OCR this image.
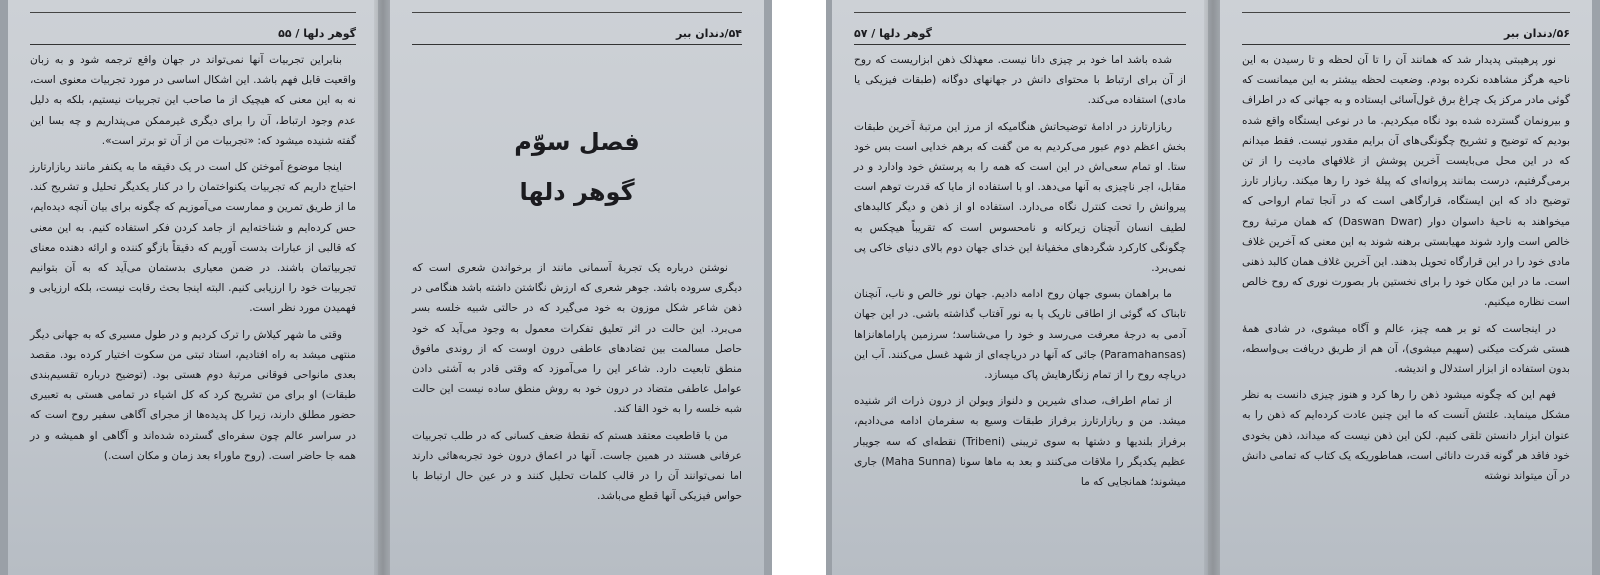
گوهر دلها / ۵۵

بنابراین تجربیات آنها نمی‌تواند در جهان واقع ترجمه شود و به زبان واقعیت قابل فهم باشد. این اشکال اساسی در مورد تجربیات معنوی است، نه به این معنی که هیچیک از ما صاحب این تجربیات نیستیم، بلکه به دلیل عدم وجود ارتباط، آن را برای دیگری غیرممکن می‌پنداریم و چه بسا این گفته شنیده میشود که: «تجربیات من از آن تو برتر است».

اینجا موضوع آموختن کل است در یک دقیقه ما به یکنفر مانند ربازارتارز احتیاج داریم که تجربیات یکنواختمان را در کنار یکدیگر تحلیل و تشریح کند. ما از طریق تمرین و ممارست می‌آموزیم که چگونه برای بیان آنچه دیده‌ایم، حس کرده‌ایم و شناخته‌ایم از جامد کردن فکر استفاده کنیم. به این معنی که قالبی از عبارات بدست آوریم که دقیقاً بازگو کننده و ارائه دهنده معنای تجربیاتمان باشند. در ضمن معیاری بدستمان می‌آید که به آن بتوانیم تجربیات خود را ارزیابی کنیم. البته اینجا بحث رقابت نیست، بلکه ارزیابی و فهمیدن مورد نظر است.

وقتی ما شهر کیلاش را ترک کردیم و در طول مسیری که به جهانی دیگر منتهی میشد به راه افتادیم، استاد تبتی من سکوت اختیار کرده بود. مقصد بعدی مانواحی فوقانی مرتبهٔ دوم هستی بود. (توضیح درباره تقسیم‌بندی طبقات) او برای من تشریح کرد که کل اشیاء در تمامی هستی به تعبیری حضور مطلق دارند، زیرا کل پدیده‌ها از مجرای آگاهی سفیر روح است که در سراسر عالم چون سفره‌ای گسترده شده‌اند و آگاهی او همیشه و در همه جا حاضر است. (روح ماوراء بعد زمان و مکان است.)

۵۴/دندان ببر
فصل سوّم
گوهر دلها

نوشتن درباره یک تجربهٔ آسمانی مانند از برخواندن شعری است که دیگری سروده باشد. جوهر شعری که ارزش نگاشتن داشته باشد هنگامی در ذهن شاعر شکل موزون به خود می‌گیرد که در حالتی شبیه خلسه بسر می‌برد. این حالت در اثر تعلیق تفکرات معمول به وجود می‌آید که خود حاصل مسالمت بین تضادهای عاطفی درون اوست که از روندی مافوق منطق تابعیت دارد. شاعر این را می‌آموزد که وقتی قادر به آشتی دادن عوامل عاطفی متضاد در درون خود به روش منطق ساده نیست این حالت شبه خلسه را به خود القا کند.

من با قاطعیت معتقد هستم که نقطهٔ ضعف کسانی که در طلب تجربیات عرفانی هستند در همین جاست. آنها در اعماق درون خود تجربه‌هائی دارند اما نمی‌توانند آن را در قالب کلمات تحلیل کنند و در عین حال ارتباط با حواس فیزیکی آنها قطع می‌باشد.

گوهر دلها / ۵۷

شده باشد اما خود بر چیزی دانا نیست. معهذلک ذهن ابزاریست که روح از آن برای ارتباط با محتوای دانش در جهانهای دوگانه (طبقات فیزیکی یا مادی) استفاده می‌کند.

ربازارتارز در ادامهٔ توضیحاتش هنگامیکه از مرز این مرتبهٔ آخرین طبقات بخش اعظم دوم عبور می‌کردیم به من گفت که برهم خدایی است بس خود ستا. او تمام سعی‌اش در این است که همه را به پرستش خود وادارد و در مقابل، اجر ناچیزی به آنها می‌دهد. او با استفاده از مایا که قدرت توهم است پیروانش را تحت کنترل نگاه می‌دارد. استفاده او از ذهن و دیگر کالبدهای لطیف انسان آنچنان زیرکانه و نامحسوس است که تقریباً هیچکس به چگونگی کارکرد شگردهای مخفیانهٔ این خدای جهان دوم بالای دنیای خاکی پی نمی‌برد.

ما براهمان بسوی جهان روح ادامه دادیم. جهان نور خالص و ناب، آنچنان تابناک که گوئی از اطاقی تاریک پا به نور آفتاب گذاشته باشی. در این جهان آدمی به درجهٔ معرفت می‌رسد و خود را می‌شناسد؛ سرزمین پاراماهانزاها (Paramahansas) جائی که آنها در دریاچه‌ای از شهد غسل می‌کنند. آب این دریاچه روح را از تمام زنگارهایش پاک میسازد.

از تمام اطراف، صدای شیرین و دلنواز ویولن از درون ذرات اثر شنیده میشد. من و ربازارتارز برفراز طبقات وسیع به سفرمان ادامه می‌دادیم، برفراز بلندیها و دشتها به سوی تریبنی (Tribeni) نقطه‌ای که سه جویبار عظیم یکدیگر را ملاقات می‌کنند و بعد به ماها سونا (Maha Sunna) جاری میشوند؛ همانجایی که ما

۵۶/دندان ببر

نور پرهیبتی پدیدار شد که همانند آن را تا آن لحظه و تا رسیدن به این ناحیه هرگز مشاهده نکرده بودم. وضعیت لحظه بیشتر به این میمانست که گوئی مادر مرکز یک چراغ برق غول‌آسائی ایستاده و به جهانی که در اطراف و بیرونمان گسترده شده بود نگاه میکردیم. ما در نوعی ایستگاه واقع شده بودیم که توضیح و تشریح چگونگی‌های آن برایم مقدور نیست. فقط میدانم که در این محل می‌بایست آخرین پوشش از غلافهای مادیت را از تن برمی‌گرفتیم، درست بمانند پروانه‌ای که پیلهٔ خود را رها میکند. ربازار تارز توضیح داد که این ایستگاه، قرارگاهی است که در آنجا تمام ارواحی که میخواهند به ناحیهٔ داسوان دوار (Daswan Dwar) که همان مرتبهٔ روح خالص است وارد شوند مهیابستی برهنه شوند به این معنی که آخرین غلاف مادی خود را در این قرارگاه تحویل بدهند. این آخرین غلاف همان کالبد ذهنی است. ما در این مکان خود را برای نخستین بار بصورت نوری که روح خالص است نظاره میکنیم.

در اینجاست که تو بر همه چیز، عالم و آگاه میشوی، در شادی همهٔ هستی شرکت میکنی (سهیم میشوی)، آن هم از طریق دریافت بی‌واسطه، بدون استفاده از ابزار استدلال و اندیشه.

فهم این که چگونه میشود ذهن را رها کرد و هنوز چیزی دانست به نظر مشکل مینماید. علتش آنست که ما این چنین عادت کرده‌ایم که ذهن را به عنوان ابزار دانستن تلقی کنیم. لکن این ذهن نیست که میداند، ذهن بخودی خود فاقد هر گونه قدرت دانائی است، هماطوریکه یک کتاب که تمامی دانش در آن میتواند نوشته
